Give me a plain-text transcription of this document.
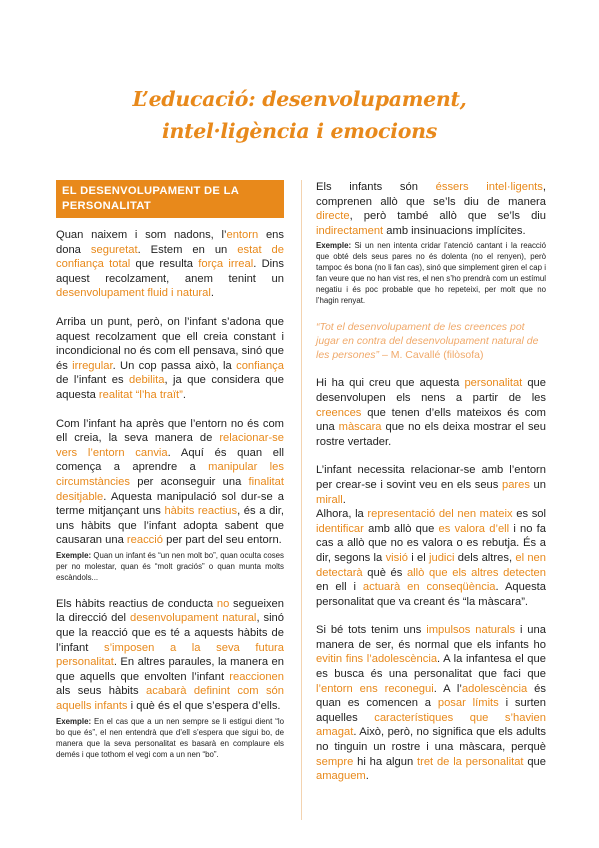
L’educació: desenvolupament,
intel·ligència i emocions
EL DESENVOLUPAMENT DE LA PERSONALITAT

Quan naixem i som nadons, l’entorn ens dona seguretat. Estem en un estat de confiança total que resulta força irreal. Dins aquest recolzament, anem tenint un desenvolupament fluid i natural.

Arriba un punt, però, on l’infant s’adona que aquest recolzament que ell creia constant i incondicional no és com ell pensava, sinó que és irregular. Un cop passa això, la confiança de l’infant es debilita, ja que considera que aquesta realitat “l’ha traït”.

Com l’infant ha après que l’entorn no és com ell creia, la seva manera de relacionar-se vers l’entorn canvia. Aquí és quan ell comença a aprendre a manipular les circumstàncies per aconseguir una finalitat desitjable. Aquesta manipulació sol dur-se a terme mitjançant uns hàbits reactius, és a dir, uns hàbits que l’infant adopta sabent que causaran una reacció per part del seu entorn.

Exemple: Quan un infant és “un nen molt bo”, quan oculta coses per no molestar, quan és “molt graciós” o quan munta molts escàndols...

Els hàbits reactius de conducta no segueixen la direcció del desenvolupament natural, sinó que la reacció que es té a aquests hàbits de l’infant s’imposen a la seva futura personalitat. En altres paraules, la manera en que aquells que envolten l’infant reaccionen als seus hàbits acabarà definint com són aquells infants i què és el que s’espera d’ells.

Exemple: En el cas que a un nen sempre se li estigui dient “lo bo que és”, el nen entendrà que d’ell s’espera que sigui bo, de manera que la seva personalitat es basarà en complaure els demés i que tothom el vegi com a un nen “bo”.

Els infants són éssers intel·ligents, comprenen allò que se’ls diu de manera directe, però també allò que se’ls diu indirectament amb insinuacions implícites.

Exemple: Si un nen intenta cridar l’atenció cantant i la reacció que obté dels seus pares no és dolenta (no el renyen), però tampoc és bona (no li fan cas), sinó que simplement giren el cap i fan veure que no han vist res, el nen s’ho prendrà com un estímul negatiu i és poc probable que ho repeteixi, per molt que no l’hagin renyat.
“Tot el desenvolupament de les creences pot jugar en contra del desenvolupament natural de les persones” – M. Cavallé (filòsofa)

Hi ha qui creu que aquesta personalitat que desenvolupen els nens a partir de les creences que tenen d’ells mateixos és com una màscara que no els deixa mostrar el seu rostre vertader.

L’infant necessita relacionar-se amb l’entorn per crear-se i sovint veu en els seus pares un mirall.
Alhora, la representació del nen mateix es sol identificar amb allò que es valora d’ell i no fa cas a allò que no es valora o es rebutja. És a dir, segons la visió i el judici dels altres, el nen detectarà què és allò que els altres detecten en ell i actuarà en conseqüència. Aquesta personalitat que va creant és “la màscara”.

Si bé tots tenim uns impulsos naturals i una manera de ser, és normal que els infants ho evitin fins l’adolescència. A la infantesa el que es busca és una personalitat que faci que l’entorn ens reconegui. A l’adolescència és quan es comencen a posar límits i surten aquelles característiques que s’havien amagat. Això, però, no significa que els adults no tinguin un rostre i una màscara, perquè sempre hi ha algun tret de la personalitat que amaguem.
